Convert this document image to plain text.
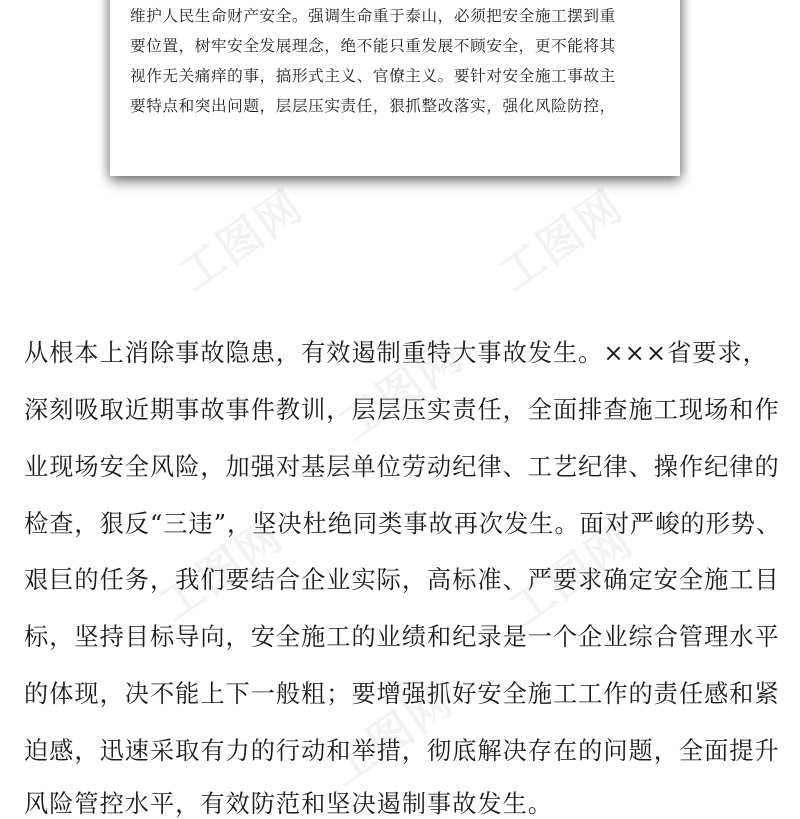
维护人民生命财产安全。强调生命重于泰山，必须把安全施工摆到重
要位置，树牢安全发展理念，绝不能只重发展不顾安全，更不能将其
视作无关痛痒的事，搞形式主义、官僚主义。要针对安全施工事故主
要特点和突出问题，层层压实责任，狠抓整改落实，强化风险防控，
工图网	工图网
工图网
工图网	工图网
工图网
从根本上消除事故隐患，有效遏制重特大事故发生。×××省要求，
深刻吸取近期事故事件教训，层层压实责任，全面排查施工现场和作
业现场安全风险，加强对基层单位劳动纪律、工艺纪律、操作纪律的
检查，狠反“三违”，坚决杜绝同类事故再次发生。面对严峻的形势、
艰巨的任务，我们要结合企业实际，高标准、严要求确定安全施工目
标，坚持目标导向，安全施工的业绩和纪录是一个企业综合管理水平
的体现，决不能上下一般粗；要增强抓好安全施工工作的责任感和紧
迫感，迅速采取有力的行动和举措，彻底解决存在的问题，全面提升
风险管控水平，有效防范和坚决遏制事故发生。
